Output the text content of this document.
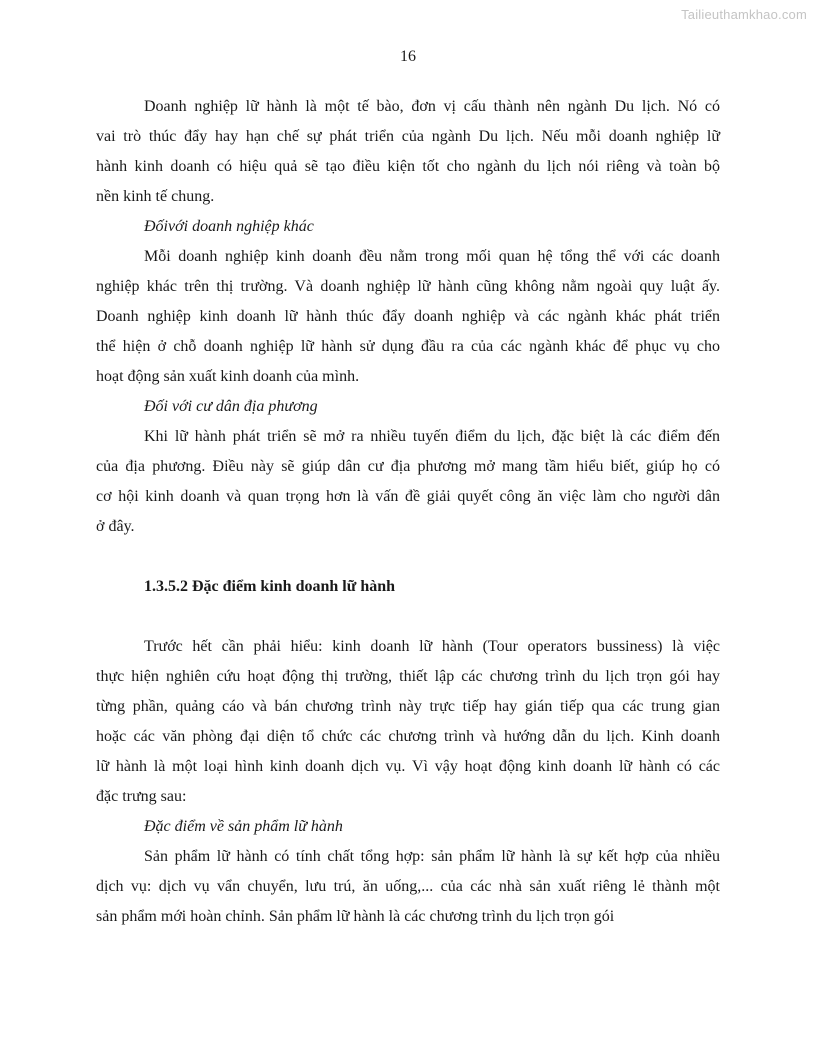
Tailieuthamkhao.com
16
Doanh nghiệp lữ hành là một tế bào, đơn vị cấu thành nên ngành Du lịch. Nó có
vai trò thúc đẩy hay hạn chế sự phát triển của ngành Du lịch. Nếu mỗi doanh nghiệp lữ
hành kinh doanh có hiệu quả sẽ tạo điều kiện tốt cho ngành du lịch nói riêng và toàn bộ
nền kinh tế chung.
Đốivới doanh nghiệp khác
Mỗi doanh nghiệp kinh doanh đều nằm trong mối quan hệ tổng thể với các doanh
nghiệp khác trên thị trường. Và doanh nghiệp lữ hành cũng không nằm ngoài quy luật ấy.
Doanh nghiệp kinh doanh lữ hành thúc đẩy doanh nghiệp và các ngành khác phát triển
thể hiện ở chỗ doanh nghiệp lữ hành sử dụng đầu ra của các ngành khác để phục vụ cho
hoạt động sản xuất kinh doanh của mình.
Đối với cư dân địa phương
Khi lữ hành phát triển sẽ mở ra nhiều tuyến điểm du lịch, đặc biệt là các điểm đến
của địa phương. Điều này sẽ giúp dân cư địa phương mở mang tầm hiểu biết, giúp họ có
cơ hội kinh doanh và quan trọng hơn là vấn đề giải quyết công ăn việc làm cho người dân
ở đây.
1.3.5.2 Đặc điểm kinh doanh lữ hành
Trước hết cần phải hiểu: kinh doanh lữ hành (Tour operators bussiness) là việc
thực hiện nghiên cứu hoạt động thị trường, thiết lập các chương trình du lịch trọn gói hay
từng phần, quảng cáo và bán chương trình này trực tiếp hay gián tiếp qua các trung gian
hoặc các văn phòng đại diện tổ chức các chương trình và hướng dẫn du lịch. Kinh doanh
lữ hành là một loại hình kinh doanh dịch vụ. Vì vậy hoạt động kinh doanh lữ hành có các
đặc trưng sau:
Đặc điểm về sản phẩm lữ hành
Sản phẩm lữ hành có tính chất tổng hợp: sản phẩm lữ hành là sự kết hợp của nhiều
dịch vụ: dịch vụ vẩn chuyển, lưu trú, ăn uống,... của các nhà sản xuất riêng lẻ thành một
sản phẩm mới hoàn chỉnh. Sản phẩm lữ hành là các chương trình du lịch trọn gói
